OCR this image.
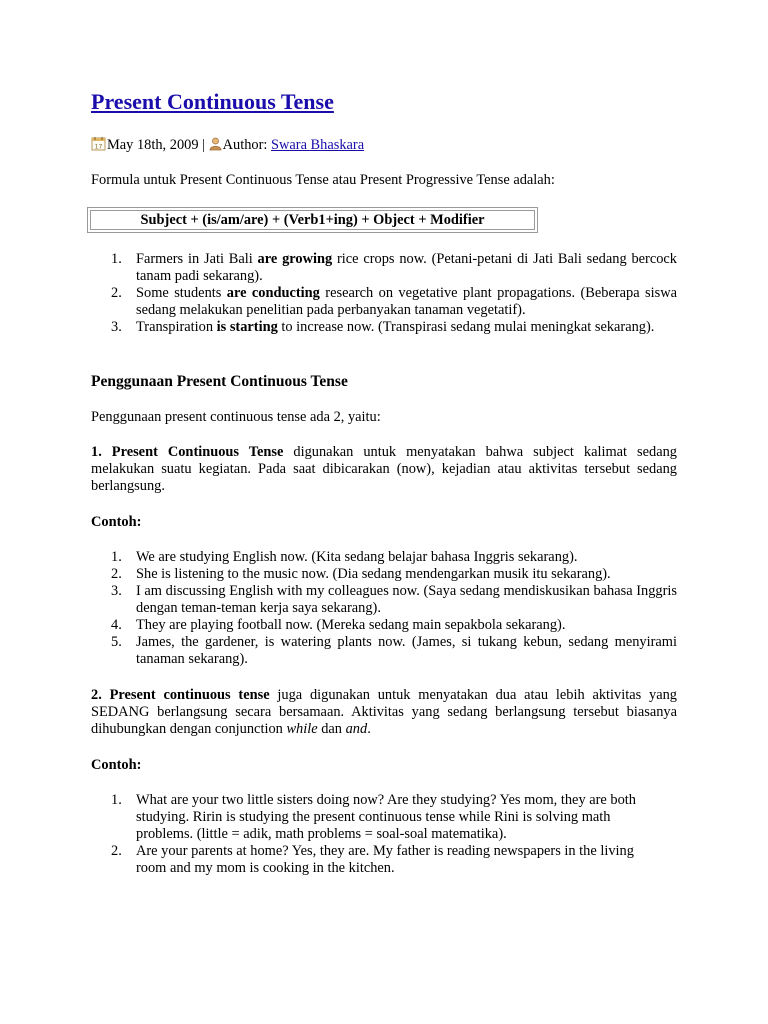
Present Continuous Tense
17 May 18th, 2009 | Author: Swara Bhaskara

Formula untuk Present Continuous Tense atau Present Progressive Tense adalah:

Subject + (is/am/are) + (Verb1+ing) + Object + Modifier
1. Farmers in Jati Bali are growing rice crops now. (Petani-petani di Jati Bali sedang bercock tanam padi sekarang).
2. Some students are conducting research on vegetative plant propagations. (Beberapa siswa sedang melakukan penelitian pada perbanyakan tanaman vegetatif).
3. Transpiration is starting to increase now. (Transpirasi sedang mulai meningkat sekarang).
Penggunaan Present Continuous Tense

Penggunaan present continuous tense ada 2, yaitu:

1. Present Continuous Tense digunakan untuk menyatakan bahwa subject kalimat sedang melakukan suatu kegiatan. Pada saat dibicarakan (now), kejadian atau aktivitas tersebut sedang berlangsung.

Contoh:

1. We are studying English now. (Kita sedang belajar bahasa Inggris sekarang).
2. She is listening to the music now. (Dia sedang mendengarkan musik itu sekarang).
3. I am discussing English with my colleagues now. (Saya sedang mendiskusikan bahasa Inggris dengan teman-teman kerja saya sekarang).
4. They are playing football now. (Mereka sedang main sepakbola sekarang).
5. James, the gardener, is watering plants now. (James, si tukang kebun, sedang menyirami tanaman sekarang).

2. Present continuous tense juga digunakan untuk menyatakan dua atau lebih aktivitas yang SEDANG berlangsung secara bersamaan. Aktivitas yang sedang berlangsung tersebut biasanya dihubungkan dengan conjunction while dan and.

Contoh:

1. What are your two little sisters doing now? Are they studying? Yes mom, they are both studying. Ririn is studying the present continuous tense while Rini is solving math problems. (little = adik, math problems = soal-soal matematika).
2. Are your parents at home? Yes, they are. My father is reading newspapers in the living room and my mom is cooking in the kitchen.
